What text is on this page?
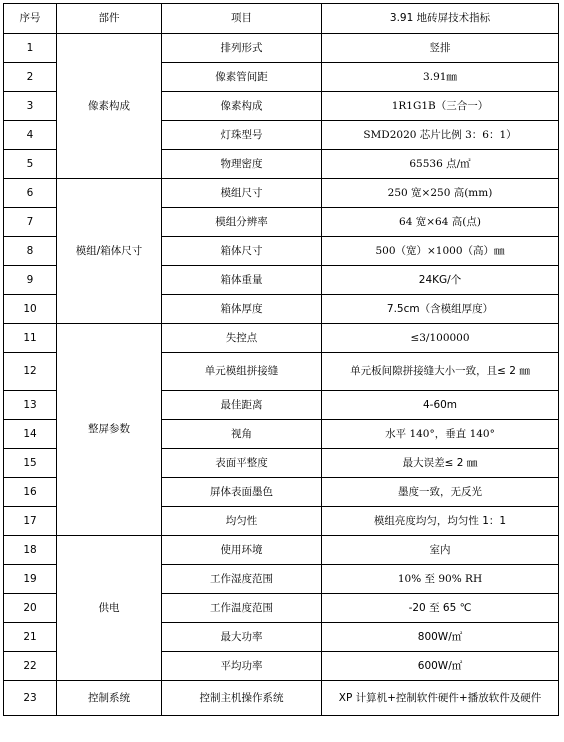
序号	部件	项目	3.91 地砖屏技术指标
1	像素构成	排列形式	竖排
2		像素管间距	3.91㎜
3		像素构成	1R1G1B（三合一）
4		灯珠型号	SMD2020 芯片比例 3：6：1）
5		物理密度	65536 点/㎡
6	模组/箱体尺寸	模组尺寸	250 宽×250 高(mm)
7		模组分辨率	64 宽×64 高(点)
8		箱体尺寸	500（宽）×1000（高）㎜
9		箱体重量	24KG/个
10		箱体厚度	7.5cm（含模组厚度）
11	整屏参数	失控点	≤3/100000
12		单元模组拼接缝	单元板间隙拼接缝大小一致，且≤ 2 ㎜
13		最佳距离	4-60m
14		视角	水平 140°，垂直 140°
15		表面平整度	最大误差≤ 2 ㎜
16		屏体表面墨色	墨度一致，无反光
17		均匀性	模组亮度均匀，均匀性 1：1
18	供电	使用环境	室内
19		工作湿度范围	10% 至 90% RH
20		工作温度范围	-20 至 65 ℃
21		最大功率	800W/㎡
22		平均功率	600W/㎡
23	控制系统	控制主机操作系统	XP 计算机+控制软件硬件+播放软件及硬件
